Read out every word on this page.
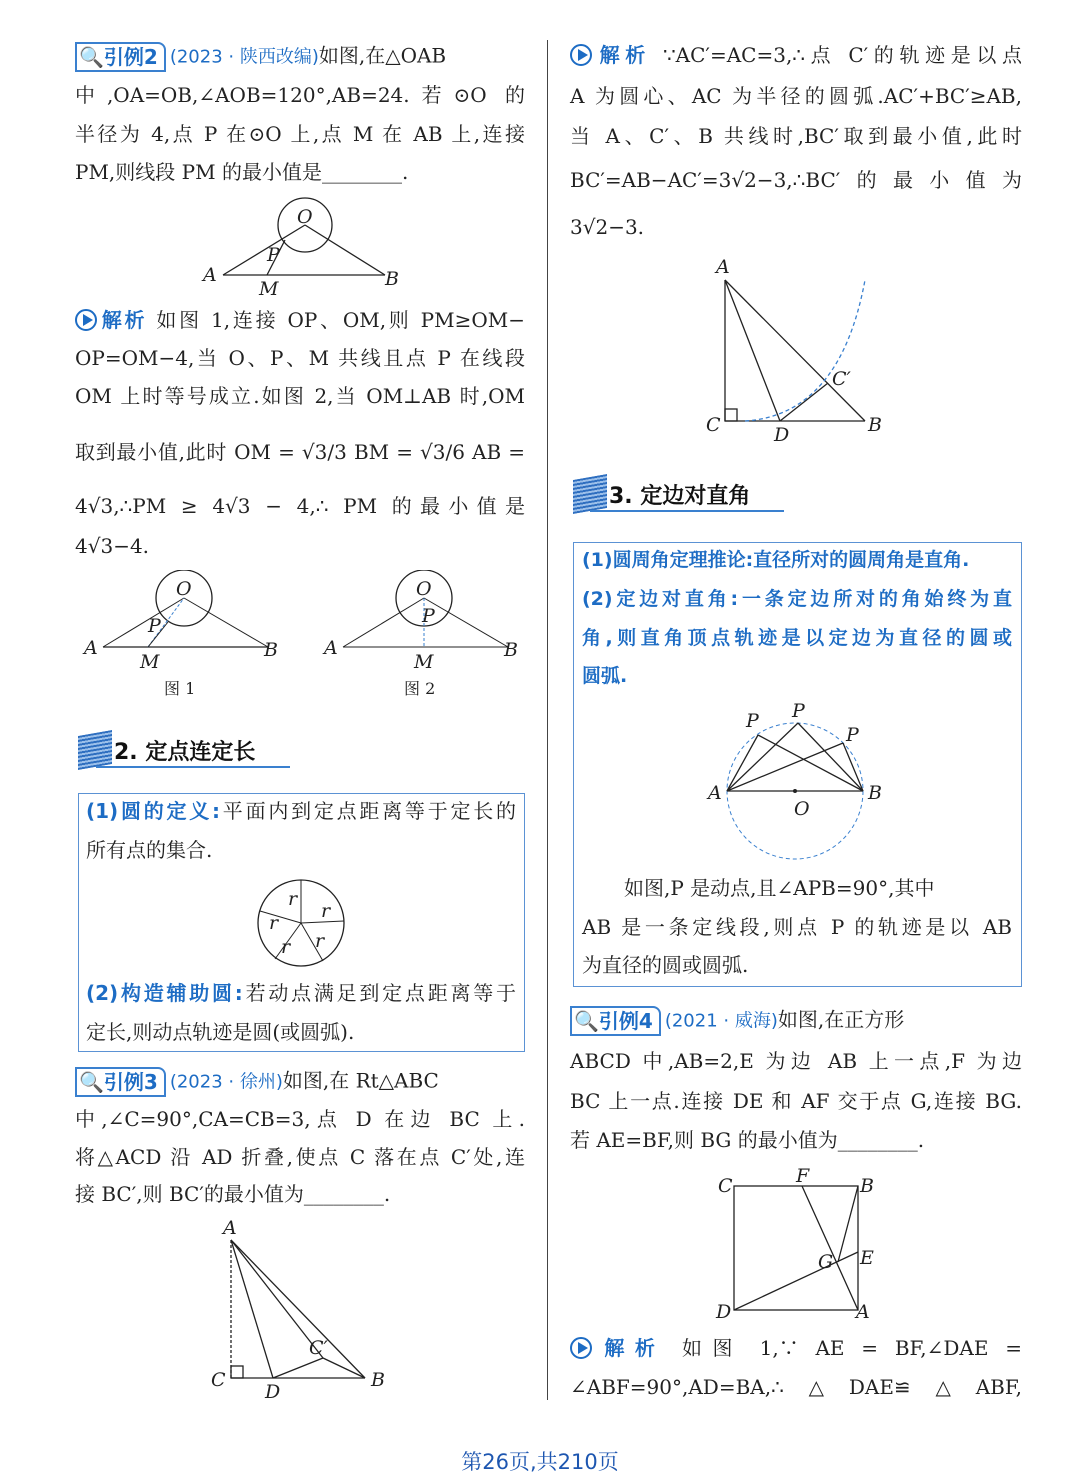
🔍 引例2 (2023 · 陕西改编)如图,在△OAB
中,OA=OB,∠AOB=120°,AB=24.若⊙O 的
半径为 4,点 P 在⊙O 上,点 M 在 AB 上,连接
PM,则线段 PM 的最小值是________.
O
P
A	B
M
解析 如图 1,连接 OP、OM,则 PM≥OM−
OP=OM−4,当 O、P、M 共线且点 P 在线段
OM 上时等号成立.如图 2,当 OM⊥AB 时,OM
取到最小值,此时 OM = √3/3 BM = √3/6 AB =
4√3,∴PM ≥ 4√3 − 4,∴ PM 的最小值是
4√3−4.
O
P
A	B
M
图 1
O
P
A	B
M
图 2
2. 定点连定长
(1)圆的定义:平面内到定点距离等于定长的
所有点的集合.
r
r
r
r r
(2)构造辅助圆:若动点满足到定点距离等于
定长,则动点轨迹是圆(或圆弧).
🔍 引例3 (2023 · 徐州)如图,在 Rt△ABC
中,∠C=90°,CA=CB=3,点 D 在边 BC 上.
将△ACD 沿 AD 折叠,使点 C 落在点 C′处,连
接 BC′,则 BC′的最小值为________.
A
C
D
B
C′
解析 ∵AC′=AC=3,∴点 C′的轨迹是以点
A 为圆心、AC 为半径的圆弧.AC′+BC′≥AB,
当 A、C′、B 共线时,BC′取到最小值,此时
BC′=AB−AC′=3√2−3,∴BC′的最小值为
3√2−3.
A
C	D	B
C′
3. 定边对直角
(1)圆周角定理推论:直径所对的圆周角是直角.
(2)定边对直角:一条定边所对的角始终为直
角,则直角顶点轨迹是以定边为直径的圆或
圆弧.
P P
P
A	B
O
如图,P 是动点,且∠APB=90°,其中
AB 是一条定线段,则点 P 的轨迹是以 AB
为直径的圆或圆弧.
🔍 引例4 (2021 · 威海)如图,在正方形
ABCD 中,AB=2,E 为边 AB 上一点,F 为边
BC 上一点.连接 DE 和 AF 交于点 G,连接 BG.
若 AE=BF,则 BG 的最小值为________.
C	F	B
G E
D	A
解析 如图 1,∵ AE = BF,∠DAE =
∠ABF=90°,AD=BA,∴△DAE≌△ABF,
第26页,共210页
